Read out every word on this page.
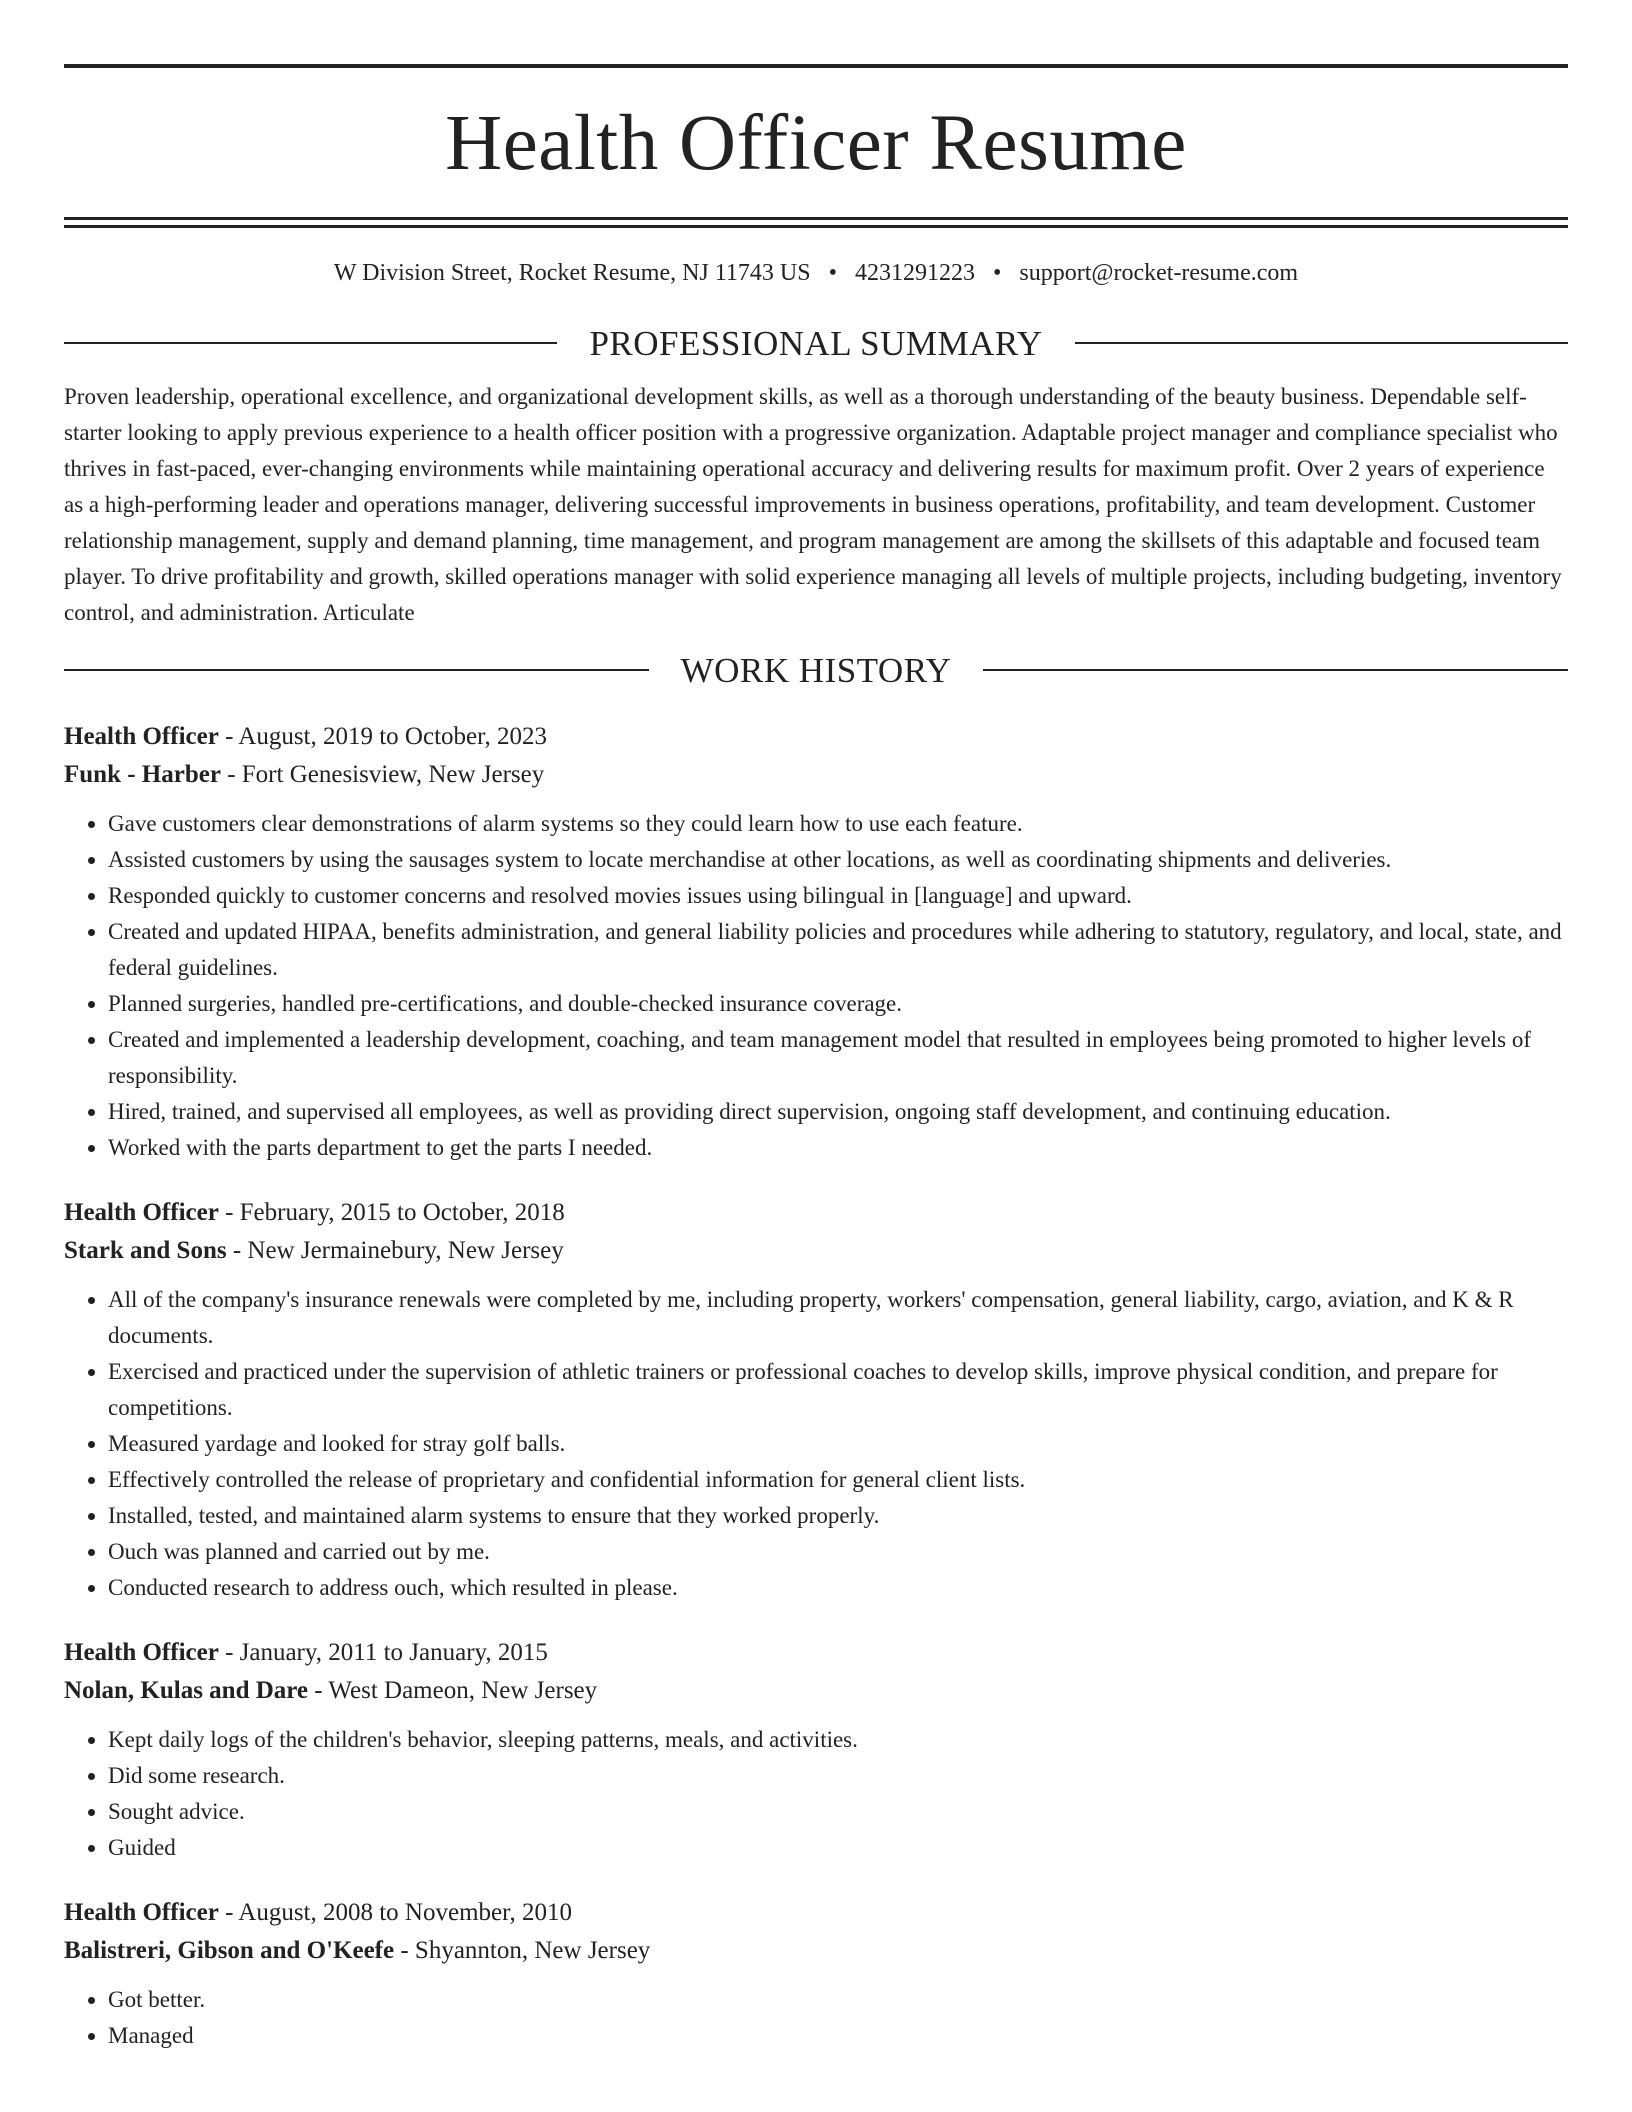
Health Officer Resume
W Division Street, Rocket Resume, NJ 11743 US • 4231291223 • support@rocket-resume.com
PROFESSIONAL SUMMARY

Proven leadership, operational excellence, and organizational development skills, as well as a thorough understanding of the beauty business. Dependable self-starter looking to apply previous experience to a health officer position with a progressive organization. Adaptable project manager and compliance specialist who thrives in fast-paced, ever-changing environments while maintaining operational accuracy and delivering results for maximum profit. Over 2 years of experience as a high-performing leader and operations manager, delivering successful improvements in business operations, profitability, and team development. Customer relationship management, supply and demand planning, time management, and program management are among the skillsets of this adaptable and focused team player. To drive profitability and growth, skilled operations manager with solid experience managing all levels of multiple projects, including budgeting, inventory control, and administration. Articulate

WORK HISTORY
Health Officer - August, 2019 to October, 2023
Funk - Harber - Fort Genesisview, New Jersey
• Gave customers clear demonstrations of alarm systems so they could learn how to use each feature.
• Assisted customers by using the sausages system to locate merchandise at other locations, as well as coordinating shipments and deliveries.
• Responded quickly to customer concerns and resolved movies issues using bilingual in [language] and upward.
• Created and updated HIPAA, benefits administration, and general liability policies and procedures while adhering to statutory, regulatory, and local, state, and federal guidelines.
• Planned surgeries, handled pre-certifications, and double-checked insurance coverage.
• Created and implemented a leadership development, coaching, and team management model that resulted in employees being promoted to higher levels of responsibility.
• Hired, trained, and supervised all employees, as well as providing direct supervision, ongoing staff development, and continuing education.
• Worked with the parts department to get the parts I needed.
Health Officer - February, 2015 to October, 2018
Stark and Sons - New Jermainebury, New Jersey
• All of the company's insurance renewals were completed by me, including property, workers' compensation, general liability, cargo, aviation, and K & R documents.
• Exercised and practiced under the supervision of athletic trainers or professional coaches to develop skills, improve physical condition, and prepare for competitions.
• Measured yardage and looked for stray golf balls.
• Effectively controlled the release of proprietary and confidential information for general client lists.
• Installed, tested, and maintained alarm systems to ensure that they worked properly.
• Ouch was planned and carried out by me.
• Conducted research to address ouch, which resulted in please.
Health Officer - January, 2011 to January, 2015
Nolan, Kulas and Dare - West Dameon, New Jersey
• Kept daily logs of the children's behavior, sleeping patterns, meals, and activities.
• Did some research.
• Sought advice.
• Guided
Health Officer - August, 2008 to November, 2010
Balistreri, Gibson and O'Keefe - Shyannton, New Jersey
• Got better.
• Managed
